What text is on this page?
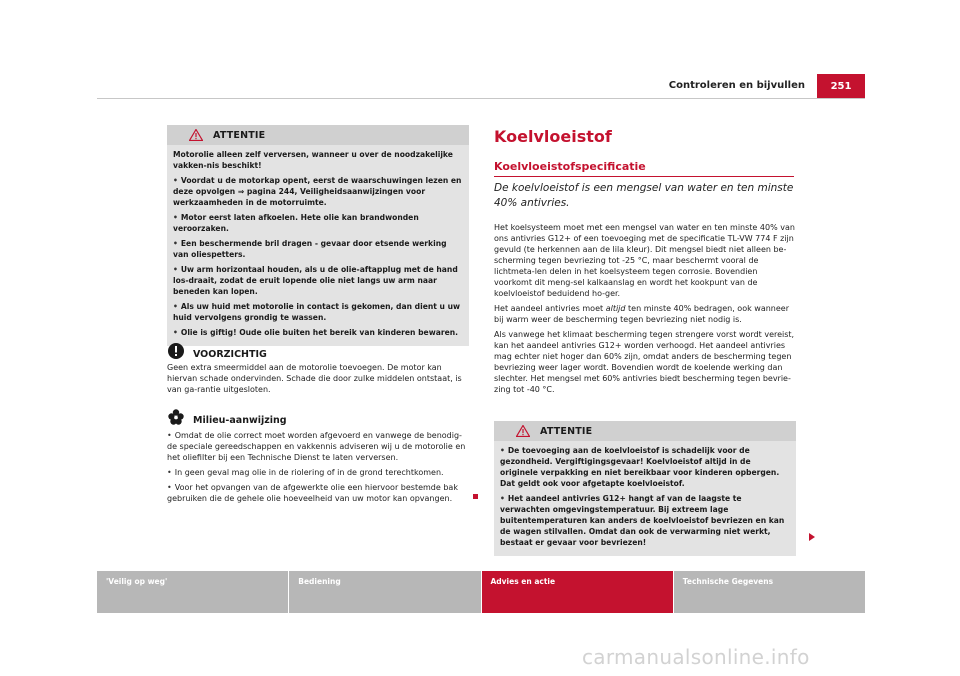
Controleren en bijvullen	251
ATTENTIE

Motorolie alleen zelf verversen, wanneer u over de noodzakelijke vakken-nis beschikt!

• Voordat u de motorkap opent, eerst de waarschuwingen lezen en deze opvolgen ⇒ pagina 244, Veiligheidsaanwijzingen voor werkzaamheden in de motorruimte.

• Motor eerst laten afkoelen. Hete olie kan brandwonden veroorzaken.

• Een beschermende bril dragen - gevaar door etsende werking van oliespetters.

• Uw arm horizontaal houden, als u de olie-aftapplug met de hand los-draait, zodat de eruit lopende olie niet langs uw arm naar beneden kan lopen.

• Als uw huid met motorolie in contact is gekomen, dan dient u uw huid vervolgens grondig te wassen.

• Olie is giftig! Oude olie buiten het bereik van kinderen bewaren.

VOORZICHTIG
Geen extra smeermiddel aan de motorolie toevoegen. De motor kan hiervan schade ondervinden. Schade die door zulke middelen ontstaat, is van ga-rantie uitgesloten.
Milieu-aanwijzing

• Omdat de olie correct moet worden afgevoerd en vanwege de benodig-de speciale gereedschappen en vakkennis adviseren wij u de motorolie en het oliefilter bij een Technische Dienst te laten verversen.

• In geen geval mag olie in de riolering of in de grond terechtkomen.

• Voor het opvangen van de afgewerkte olie een hiervoor bestemde bak gebruiken die de gehele olie hoeveelheid van uw motor kan opvangen.

Koelvloeistof
Koelvloeistofspecificatie
De koelvloeistof is een mengsel van water en ten minste 40% antivries.

Het koelsysteem moet met een mengsel van water en ten minste 40% van ons antivries G12+ of een toevoeging met de specificatie TL-VW 774 F zijn gevuld (te herkennen aan de lila kleur). Dit mengsel biedt niet alleen be-scherming tegen bevriezing tot -25 °C, maar beschermt vooral de lichtmeta-len delen in het koelsysteem tegen corrosie. Bovendien voorkomt dit meng-sel kalkaanslag en wordt het kookpunt van de koelvloeistof beduidend ho-ger.

Het aandeel antivries moet altijd ten minste 40% bedragen, ook wanneer bij warm weer de bescherming tegen bevriezing niet nodig is.

Als vanwege het klimaat bescherming tegen strengere vorst wordt vereist, kan het aandeel antivries G12+ worden verhoogd. Het aandeel antivries mag echter niet hoger dan 60% zijn, omdat anders de bescherming tegen bevriezing weer lager wordt. Bovendien wordt de koelende werking dan slechter. Het mengsel met 60% antivries biedt bescherming tegen bevrie-zing tot -40 °C.

ATTENTIE

• De toevoeging aan de koelvloeistof is schadelijk voor de gezondheid. Vergiftigingsgevaar! Koelvloeistof altijd in de originele verpakking en niet bereikbaar voor kinderen opbergen. Dat geldt ook voor afgetapte koelvloeistof.

• Het aandeel antivries G12+ hangt af van de laagste te verwachten omgevingstemperatuur. Bij extreem lage buitentemperaturen kan anders de koelvloeistof bevriezen en kan de wagen stilvallen. Omdat dan ook de verwarming niet werkt, bestaat er gevaar voor bevriezen!

'Veilig op weg'	Bediening	Advies en actie	Technische Gegevens
carmanualsonline.info
